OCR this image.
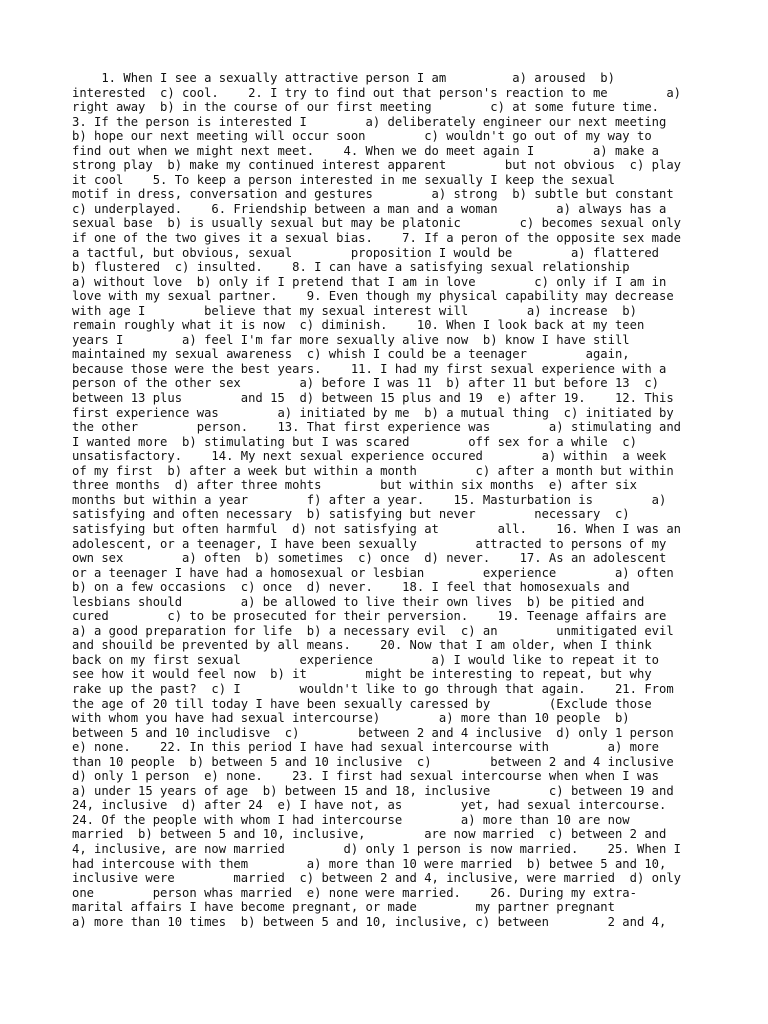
1. When I see a sexually attractive person I am         a) aroused  b)
interested  c) cool.    2. I try to find out that person's reaction to me        a)
right away  b) in the course of our first meeting        c) at some future time.
3. If the person is interested I        a) deliberately engineer our next meeting
b) hope our next meeting will occur soon        c) wouldn't go out of my way to
find out when we might next meet.    4. When we do meet again I        a) make a
strong play  b) make my continued interest apparent        but not obvious  c) play
it cool    5. To keep a person interested in me sexually I keep the sexual
motif in dress, conversation and gestures        a) strong  b) subtle but constant
c) underplayed.    6. Friendship between a man and a woman        a) always has a
sexual base  b) is usually sexual but may be platonic        c) becomes sexual only
if one of the two gives it a sexual bias.    7. If a peron of the opposite sex made
a tactful, but obvious, sexual        proposition I would be        a) flattered
b) flustered  c) insulted.    8. I can have a satisfying sexual relationship
a) without love  b) only if I pretend that I am in love        c) only if I am in
love with my sexual partner.    9. Even though my physical capability may decrease
with age I        believe that my sexual interest will        a) increase  b)
remain roughly what it is now  c) diminish.    10. When I look back at my teen
years I        a) feel I'm far more sexually alive now  b) know I have still
maintained my sexual awareness  c) whish I could be a teenager        again,
because those were the best years.    11. I had my first sexual experience with a
person of the other sex        a) before I was 11  b) after 11 but before 13  c)
between 13 plus        and 15  d) between 15 plus and 19  e) after 19.    12. This
first experience was        a) initiated by me  b) a mutual thing  c) initiated by
the other        person.    13. That first experience was        a) stimulating and
I wanted more  b) stimulating but I was scared        off sex for a while  c)
unsatisfactory.    14. My next sexual experience occured        a) within  a week
of my first  b) after a week but within a month        c) after a month but within
three months  d) after three mohts        but within six months  e) after six
months but within a year        f) after a year.    15. Masturbation is        a)
satisfying and often necessary  b) satisfying but never        necessary  c)
satisfying but often harmful  d) not satisfying at        all.    16. When I was an
adolescent, or a teenager, I have been sexually        attracted to persons of my
own sex        a) often  b) sometimes  c) once  d) never.    17. As an adolescent
or a teenager I have had a homosexual or lesbian        experience        a) often
b) on a few occasions  c) once  d) never.    18. I feel that homosexuals and
lesbians should        a) be allowed to live their own lives  b) be pitied and
cured        c) to be prosecuted for their perversion.    19. Teenage affairs are
a) a good preparation for life  b) a necessary evil  c) an        unmitigated evil
and shouild be prevented by all means.    20. Now that I am older, when I think
back on my first sexual        experience        a) I would like to repeat it to
see how it would feel now  b) it        might be interesting to repeat, but why
rake up the past?  c) I        wouldn't like to go through that again.    21. From
the age of 20 till today I have been sexually caressed by        (Exclude those
with whom you have had sexual intercourse)        a) more than 10 people  b)
between 5 and 10 includisve  c)        between 2 and 4 inclusive  d) only 1 person
e) none.    22. In this period I have had sexual intercourse with        a) more
than 10 people  b) between 5 and 10 inclusive  c)        between 2 and 4 inclusive
d) only 1 person  e) none.    23. I first had sexual intercourse when when I was
a) under 15 years of age  b) between 15 and 18, inclusive        c) between 19 and
24, inclusive  d) after 24  e) I have not, as        yet, had sexual intercourse.
24. Of the people with whom I had intercourse        a) more than 10 are now
married  b) between 5 and 10, inclusive,        are now married  c) between 2 and
4, inclusive, are now married        d) only 1 person is now married.    25. When I
had intercouse with them        a) more than 10 were married  b) betwee 5 and 10,
inclusive were        married  c) between 2 and 4, inclusive, were married  d) only
one        person whas married  e) none were married.    26. During my extra-
marital affairs I have become pregnant, or made        my partner pregnant
a) more than 10 times  b) between 5 and 10, inclusive, c) between        2 and 4,
